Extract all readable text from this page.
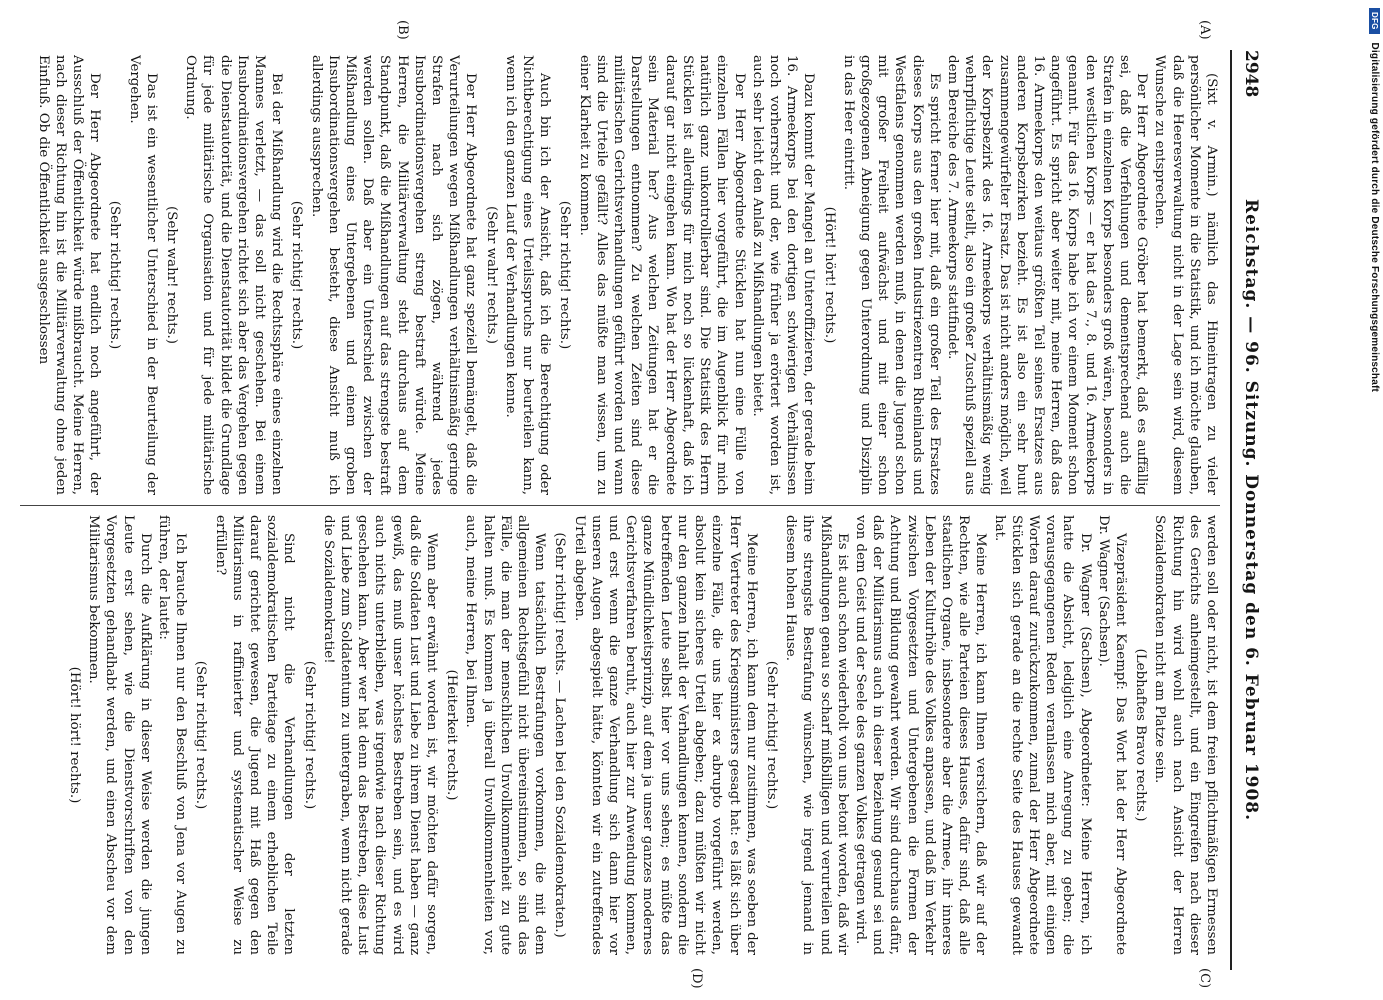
2948
Reichstag. — 96. Sitzung. Donnerstag den 6. Februar 1908.
(A)
(B)
(C)
(D)

(Sixt v. Armin.) nämlich das Hineintragen zu vieler persönlicher Momente in die Statistik, und ich möchte glauben, daß die Heeresverwaltung nicht in der Lage sein wird, diesem Wunsche zu entsprechen.

Der Herr Abgeordnete Gröber hat bemerkt, daß es auffällig sei, daß die Verfehlungen und dementsprechend auch die Strafen in einzelnen Korps besonders groß wären, besonders in den westlichen Korps — er hat das 7., 8. und 16. Armeekorps genannt. Für das 16. Korps habe ich vor einem Moment schon angeführt. Es spricht aber weiter mit, meine Herren, daß das 16. Armeekorps den weitaus größten Teil seines Ersatzes aus anderen Korpsbezirken bezieht. Es ist also ein sehr bunt zusammengewürfelter Ersatz. Das ist nicht anders möglich, weil der Korpsbezirk des 16. Armeekorps verhältnismäßig wenig wehrpflichtige Leute stellt, also ein großer Zuschuß speziell aus dem Bereiche des 7. Armeekorps stattfindet.

Es spricht ferner hier mit, daß ein großer Teil des Ersatzes dieses Korps aus den großen Industriezentren Rheinlands und Westfalens genommen werden muß, in denen die Jugend schon mit großer Freiheit aufwächst und mit einer schon großgezogenen Abneigung gegen Unterordnung und Disziplin in das Heer eintritt.

(Hört! hört! rechts.)

Dazu kommt der Mangel an Unteroffizieren, der gerade beim 16. Armeekorps bei den dortigen schwierigen Verhältnissen noch vorherrscht und der, wie früher ja erörtert worden ist, auch sehr leicht den Anlaß zu Mißhandlungen bietet.

Der Herr Abgeordnete Stücklen hat nun eine Fülle von einzelnen Fällen hier vorgeführt, die im Augenblick für mich natürlich ganz unkontrollierbar sind. Die Statistik des Herrn Stücklen ist allerdings für mich noch so lückenhaft, daß ich darauf gar nicht eingehen kann. Wo hat der Herr Abgeordnete sein Material her? Aus welchen Zeitungen hat er die Darstellungen entnommen? Zu welchen Zeiten sind diese militärischen Gerichtsverhandlungen geführt worden und wann sind die Urteile gefällt? Alles das müßte man wissen, um zu einer Klarheit zu kommen.

(Sehr richtig! rechts.)

Auch bin ich der Ansicht, daß ich die Berechtigung oder Nichtberechtigung eines Urteilsspruchs nur beurteilen kann, wenn ich den ganzen Lauf der Verhandlungen kenne.

(Sehr wahr! rechts.)

Der Herr Abgeordnete hat ganz speziell bemängelt, daß die Verurteilungen wegen Mißhandlungen verhältnismäßig geringe Strafen nach sich zögen, während jedes Insubordinationsvergehen streng bestraft würde. Meine Herren, die Militärverwaltung steht durchaus auf dem Standpunkt, daß die Mißhandlungen auf das strengste bestraft werden sollen. Daß aber ein Unterschied zwischen der Mißhandlung eines Untergebenen und einem groben Insubordinationsvergehen besteht, diese Ansicht muß ich allerdings aussprechen.

(Sehr richtig! rechts.)

Bei der Mißhandlung wird die Rechtssphäre eines einzelnen Mannes verletzt, — das soll nicht geschehen. Bei einem Insubordinationsvergehen richtet sich aber das Vergehen gegen die Dienstautorität, und die Dienstautorität bildet die Grundlage für jede militärische Organisation und für jede militärische Ordnung.

(Sehr wahr! rechts.)

Das ist ein wesentlicher Unterschied in der Beurteilung der Vergehen.

(Sehr richtig! rechts.)

Der Herr Abgeordnete hat endlich noch angeführt, der Ausschluß der Öffentlichkeit würde mißbraucht. Meine Herren, nach dieser Richtung hin ist die Militärverwaltung ohne jeden Einfluß. Ob die Öffentlichkeit ausgeschlossen

werden soll oder nicht, ist dem freien pflichtmäßigen Ermessen des Gerichts anheimgestellt, und ein Eingreifen nach dieser Richtung hin wird wohl auch nach Ansicht der Herren Sozialdemokraten nicht am Platze sein.

(Lebhaftes Bravo rechts.)

Vizepräsident Kaempf: Das Wort hat der Herr Abgeordnete Dr. Wagner (Sachsen).

Dr. Wagner (Sachsen), Abgeordneter: Meine Herren, ich hatte die Absicht, lediglich eine Anregung zu geben; die vorausgegangenen Reden veranlassen mich aber, mit einigen Worten darauf zurückzukommen, zumal der Herr Abgeordnete Stücklen sich gerade an die rechte Seite des Hauses gewandt hat.

Meine Herren, ich kann Ihnen versichern, daß wir auf der Rechten, wie alle Parteien dieses Hauses, dafür sind, daß alle staatlichen Organe, insbesondere aber die Armee, ihr inneres Leben der Kulturhöhe des Volkes anpassen, und daß im Verkehr zwischen Vorgesetzten und Untergebenen die Formen der Achtung und Bildung gewahrt werden. Wir sind durchaus dafür, daß der Militarismus auch in dieser Beziehung gesund sei und von dem Geist und der Seele des ganzen Volkes getragen wird.

Es ist auch schon wiederholt von uns betont worden, daß wir Mißhandlungen genau so scharf mißbilligen und verurteilen und ihre strengste Bestrafung wünschen, wie irgend jemand in diesem hohen Hause.

(Sehr richtig! rechts.)

Meine Herren, ich kann dem nur zustimmen, was soeben der Herr Vertreter des Kriegsministers gesagt hat: es läßt sich über einzelne Fälle, die uns hier ex abrupto vorgeführt werden, absolut kein sicheres Urteil abgeben; dazu müßten wir nicht nur den ganzen Inhalt der Verhandlungen kennen, sondern die betreffenden Leute selbst hier vor uns sehen; es müßte das ganze Mündlichkeitsprinzip, auf dem ja unser ganzes modernes Gerichtsverfahren beruht, auch hier zur Anwendung kommen, und erst wenn die ganze Verhandlung sich dann hier vor unseren Augen abgespielt hätte, könnten wir ein zutreffendes Urteil abgeben.

(Sehr richtig! rechts. — Lachen bei den Sozialdemokraten.)

Wenn tatsächlich Bestrafungen vorkommen, die mit dem allgemeinen Rechtsgefühl nicht übereinstimmen, so sind das Fälle, die man der menschlichen Unvollkommenheit zu gute halten muß. Es kommen ja überall Unvollkommenheiten vor, auch, meine Herren, bei Ihnen.

(Heiterkeit rechts.)

Wenn aber erwähnt worden ist, wir möchten dafür sorgen, daß die Soldaten Lust und Liebe zu ihrem Dienst haben — ganz gewiß, das muß unser höchstes Bestreben sein, und es wird auch nichts unterbleiben, was irgendwie nach dieser Richtung geschehen kann. Aber wer hat denn das Bestreben, diese Lust und Liebe zum Soldatentum zu untergraben, wenn nicht gerade die Sozialdemokratie!

(Sehr richtig! rechts.)

Sind nicht die Verhandlungen der letzten sozialdemokratischen Parteitage zu einem erheblichen Teile darauf gerichtet gewesen, die Jugend mit Haß gegen den Militarismus in raffinierter und systematischer Weise zu erfüllen?

(Sehr richtig! rechts.)

Ich brauche Ihnen nur den Beschluß von Jena vor Augen zu führen, der lautet:

Durch die Aufklärung in dieser Weise werden die jungen Leute erst sehen, wie die Dienstvorschriften von den Vorgesetzten gehandhabt werden, und einen Abscheu vor dem Militarismus bekommen.

(Hört! hört! rechts.)

DFG Digitalisierung gefördert durch die Deutsche Forschungsgemeinschaft
